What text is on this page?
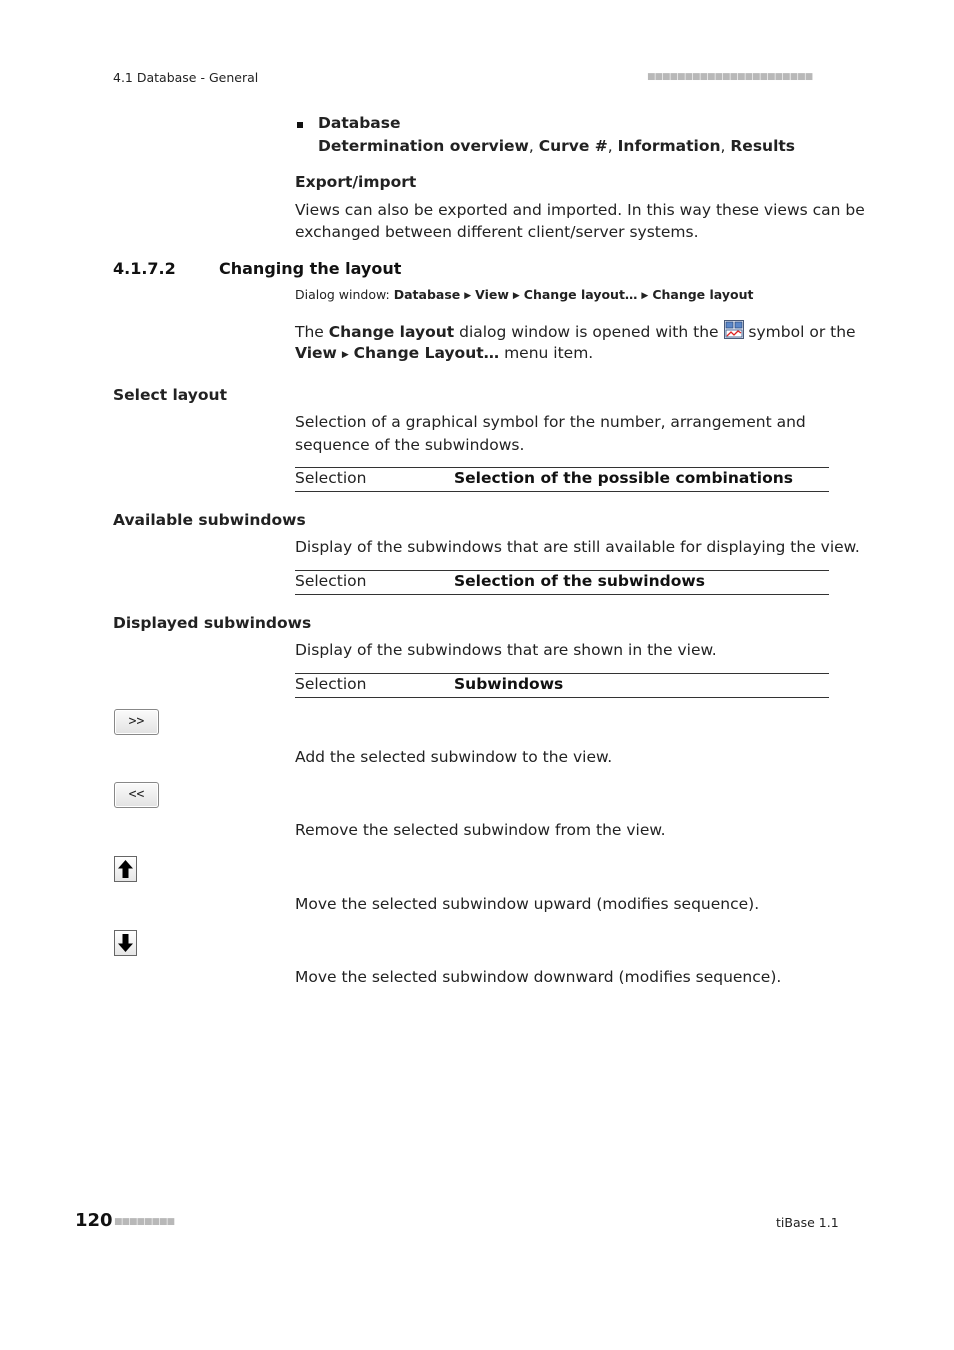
4.1 Database - General	■■■■■■■■■■■■■■■■■■■■■■
Database
Determination overview, Curve #, Information, Results
Export/import
Views can also be exported and imported. In this way these views can be
exchanged between different client/server systems.
4.1.7.2	Changing the layout
Dialog window: Database ▶ View ▶ Change layout… ▶ Change layout
The Change layout dialog window is opened with the  symbol or the
View ▶ Change Layout… menu item.
Select layout
Selection of a graphical symbol for the number, arrangement and
sequence of the subwindows.
Selection	Selection of the possible combinations
Available subwindows
Display of the subwindows that are still available for displaying the view.
Selection	Selection of the subwindows
Displayed subwindows
Display of the subwindows that are shown in the view.
Selection	Subwindows
>>
Add the selected subwindow to the view.
<<
Remove the selected subwindow from the view.
Move the selected subwindow upward (modifies sequence).
Move the selected subwindow downward (modifies sequence).
120 ■■■■■■■■	tiBase 1.1
